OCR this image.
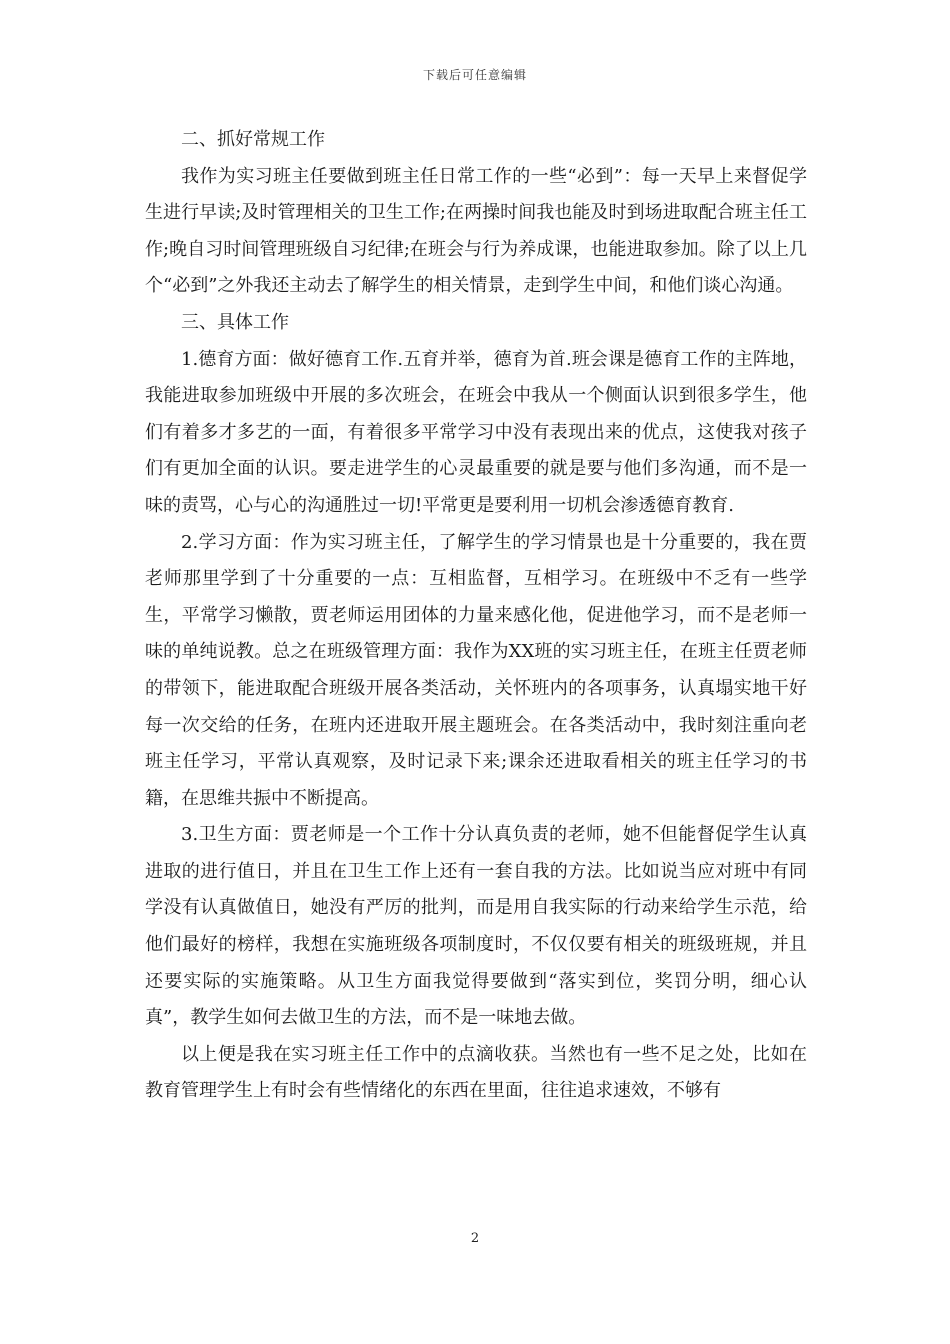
下载后可任意编辑

二、抓好常规工作

我作为实习班主任要做到班主任日常工作的一些“必到”：每一天早上来督促学生进行早读;及时管理相关的卫生工作;在两操时间我也能及时到场进取配合班主任工作;晚自习时间管理班级自习纪律;在班会与行为养成课，也能进取参加。除了以上几个“必到”之外我还主动去了解学生的相关情景，走到学生中间，和他们谈心沟通。

三、具体工作

1.德育方面：做好德育工作.五育并举，德育为首.班会课是德育工作的主阵地，我能进取参加班级中开展的多次班会，在班会中我从一个侧面认识到很多学生，他们有着多才多艺的一面，有着很多平常学习中没有表现出来的优点，这使我对孩子们有更加全面的认识。要走进学生的心灵最重要的就是要与他们多沟通，而不是一味的责骂，心与心的沟通胜过一切!平常更是要利用一切机会渗透德育教育.

2.学习方面：作为实习班主任，了解学生的学习情景也是十分重要的，我在贾老师那里学到了十分重要的一点：互相监督，互相学习。在班级中不乏有一些学生，平常学习懒散，贾老师运用团体的力量来感化他，促进他学习，而不是老师一味的单纯说教。总之在班级管理方面：我作为XX班的实习班主任，在班主任贾老师的带领下，能进取配合班级开展各类活动，关怀班内的各项事务，认真塌实地干好每一次交给的任务，在班内还进取开展主题班会。在各类活动中，我时刻注重向老班主任学习，平常认真观察，及时记录下来;课余还进取看相关的班主任学习的书籍，在思维共振中不断提高。

3.卫生方面：贾老师是一个工作十分认真负责的老师，她不但能督促学生认真进取的进行值日，并且在卫生工作上还有一套自我的方法。比如说当应对班中有同学没有认真做值日，她没有严厉的批判，而是用自我实际的行动来给学生示范，给他们最好的榜样，我想在实施班级各项制度时，不仅仅要有相关的班级班规，并且还要实际的实施策略。从卫生方面我觉得要做到“落实到位，奖罚分明，细心认真”，教学生如何去做卫生的方法，而不是一味地去做。

以上便是我在实习班主任工作中的点滴收获。当然也有一些不足之处，比如在教育管理学生上有时会有些情绪化的东西在里面，往往追求速效，不够有

2
